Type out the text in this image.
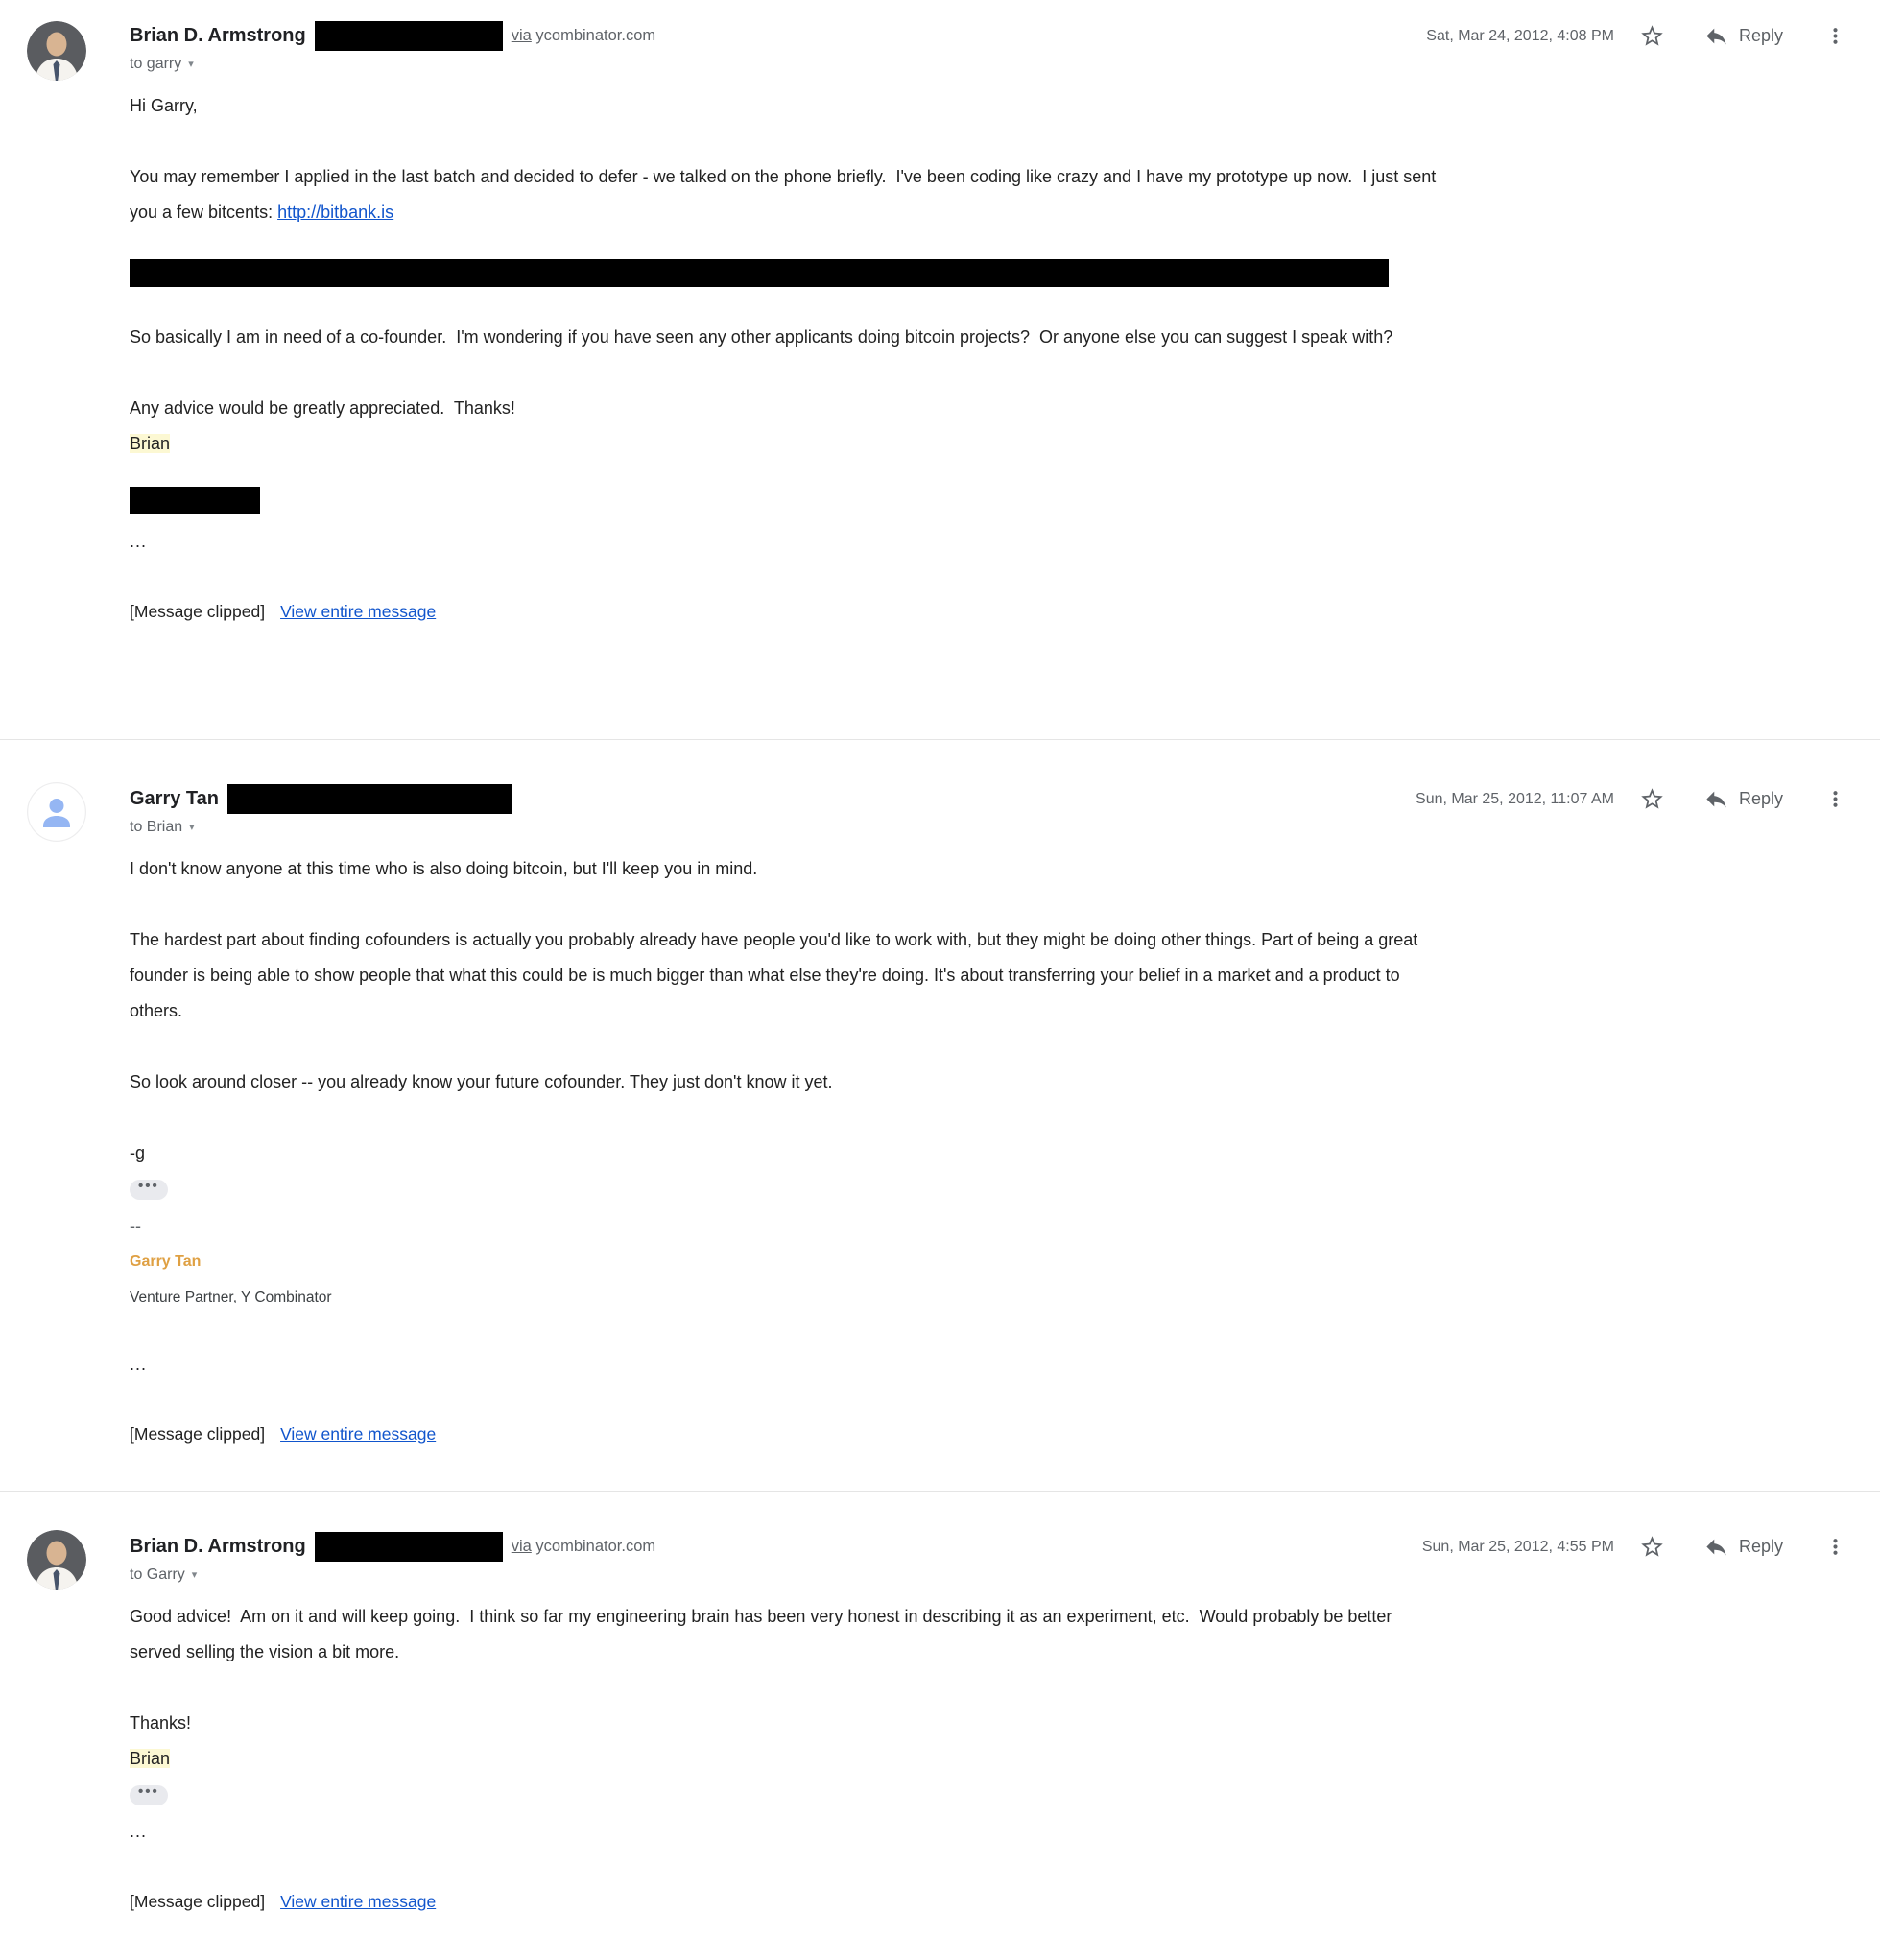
Brian D. Armstrong	via ycombinator.com	Sat, Mar 24, 2012, 4:08 PM	Reply
to garry ▾

Hi Garry,

You may remember I applied in the last batch and decided to defer - we talked on the phone briefly.  I've been coding like crazy and I have my prototype up now.  I just sent you a few bitcents: http://bitbank.is

So basically I am in need of a co-founder.  I'm wondering if you have seen any other applicants doing bitcoin projects?  Or anyone else you can suggest I speak with?

Any advice would be greatly appreciated.  Thanks!

Brian

...

[Message clipped] View entire message

Garry Tan	Sun, Mar 25, 2012, 11:07 AM	Reply
to Brian ▾

I don't know anyone at this time who is also doing bitcoin, but I'll keep you in mind.

The hardest part about finding cofounders is actually you probably already have people you'd like to work with, but they might be doing other things. Part of being a great founder is being able to show people that what this could be is much bigger than what else they're doing. It's about transferring your belief in a market and a product to others.

So look around closer -- you already know your future cofounder. They just don't know it yet.

-g

•••

--

Garry Tan

Venture Partner, Y Combinator

...

[Message clipped] View entire message

Brian D. Armstrong	via ycombinator.com	Sun, Mar 25, 2012, 4:55 PM	Reply
to Garry ▾

Good advice!  Am on it and will keep going.  I think so far my engineering brain has been very honest in describing it as an experiment, etc.  Would probably be better served selling the vision a bit more.

Thanks!

Brian

•••

...

[Message clipped] View entire message
